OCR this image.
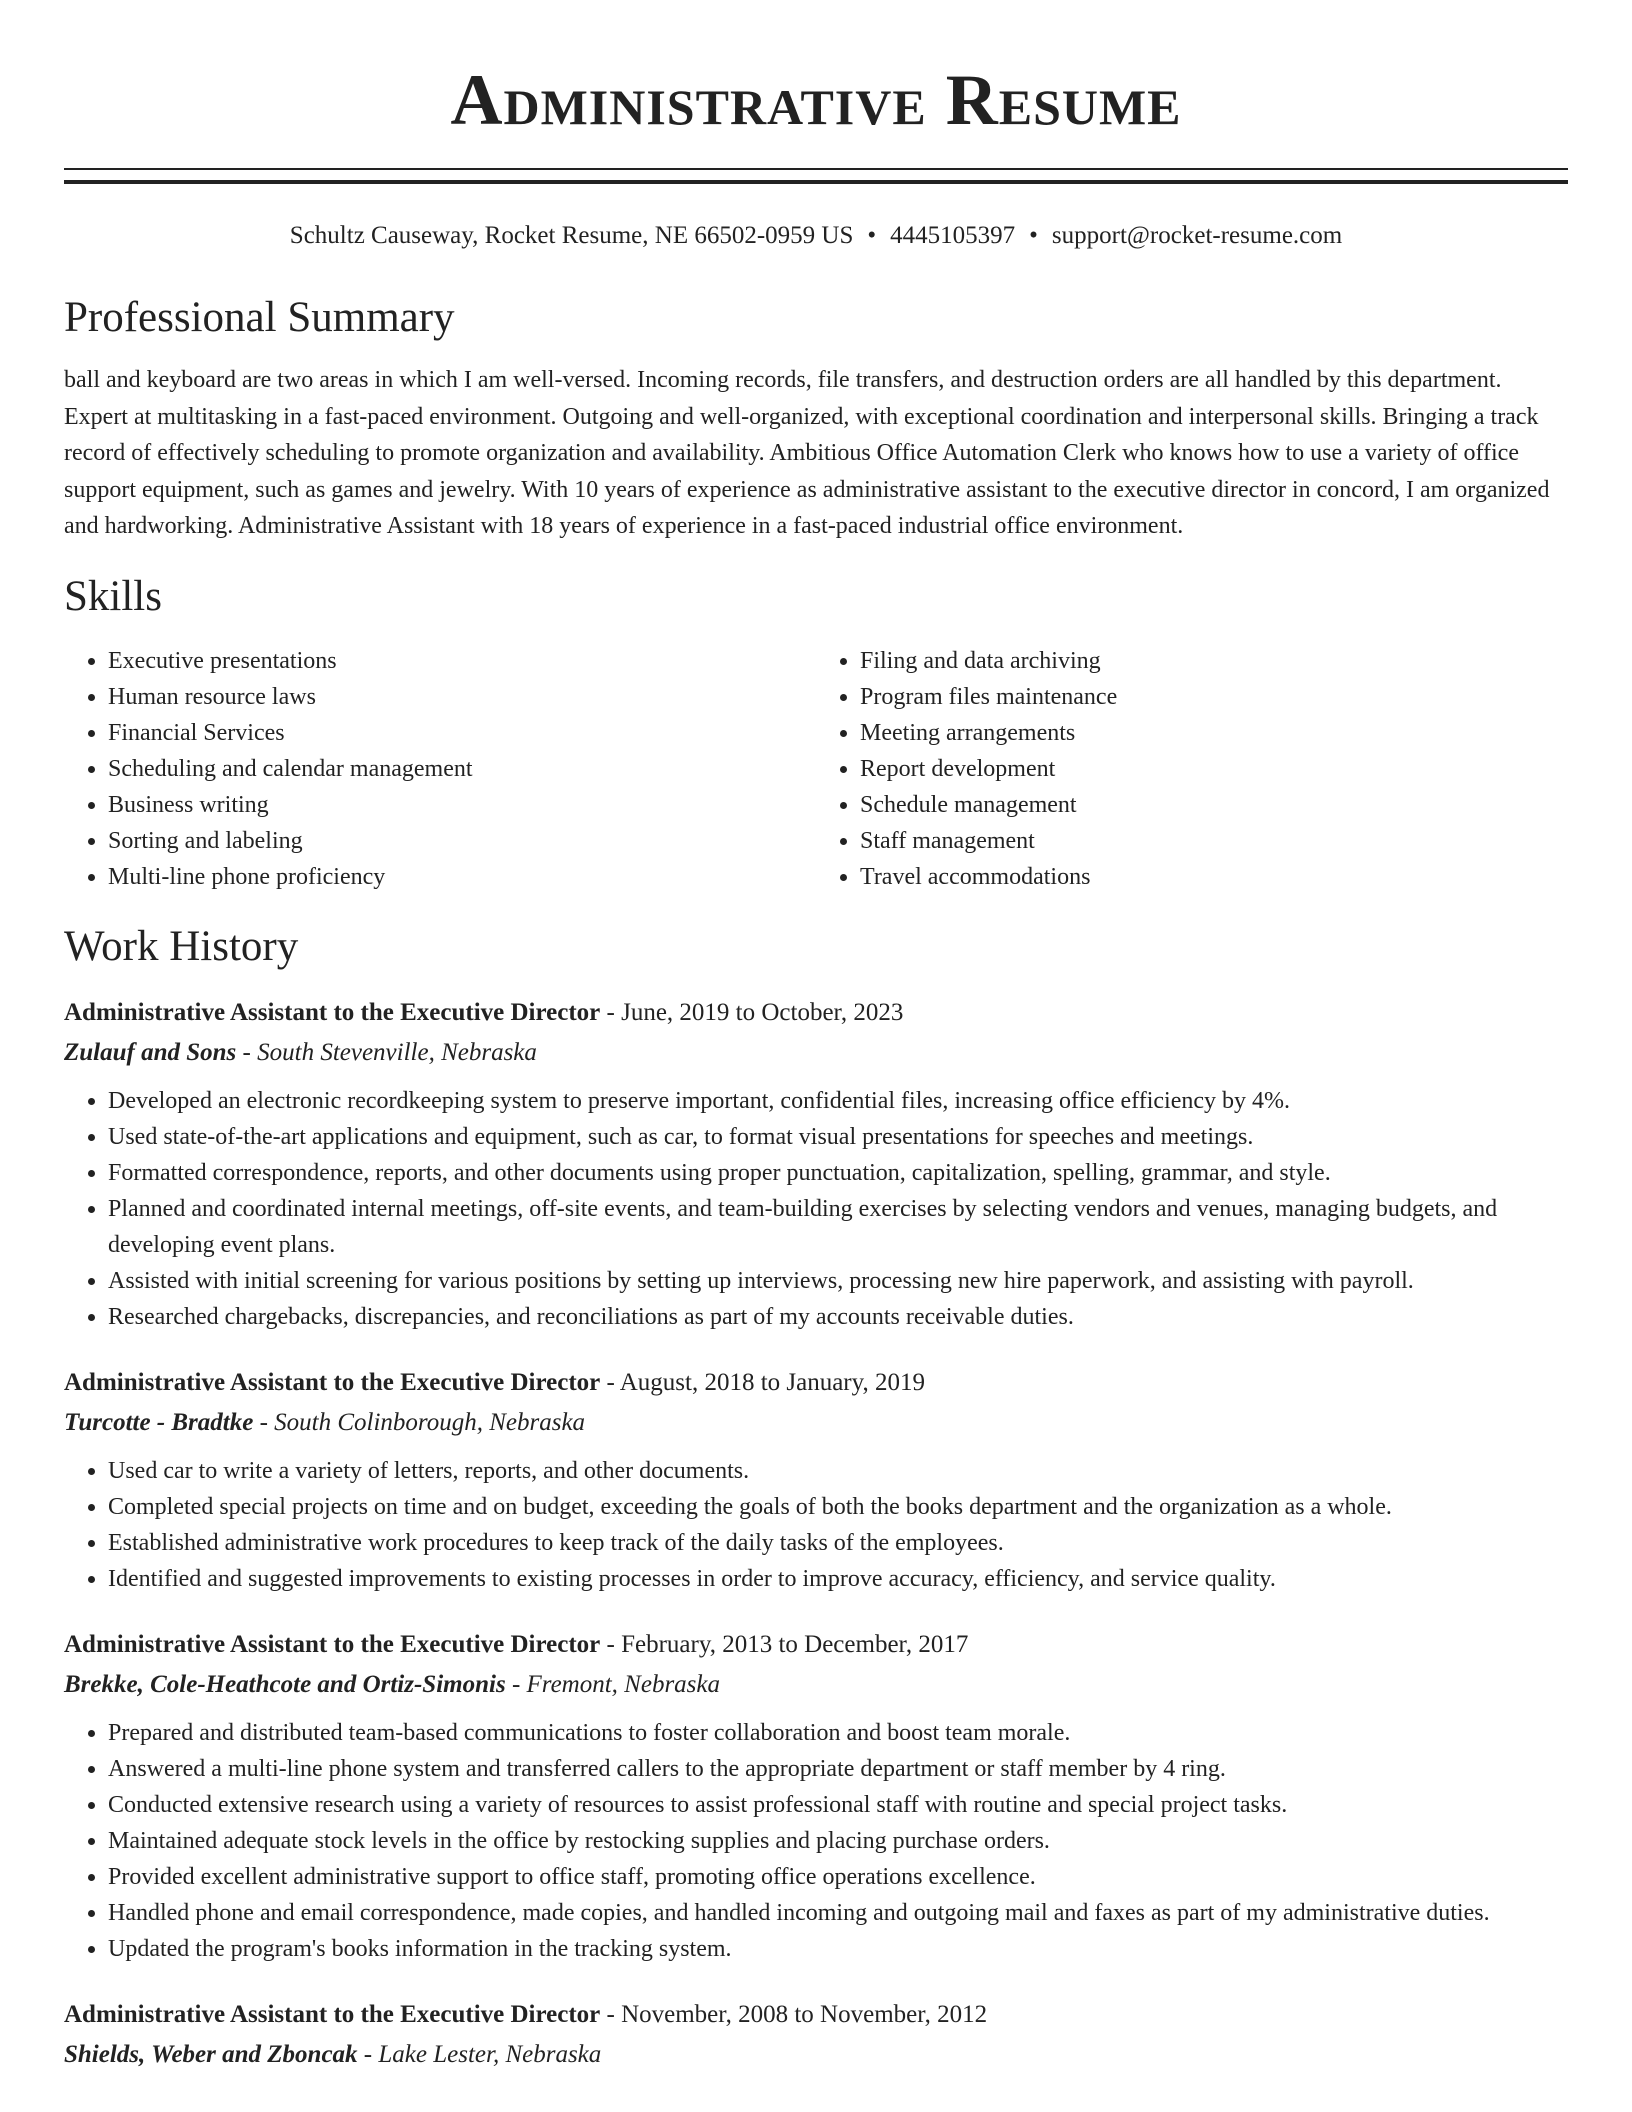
Administrative Resume
Schultz Causeway, Rocket Resume, NE 66502-0959 US • 4445105397 • support@rocket-resume.com
Professional Summary

ball and keyboard are two areas in which I am well-versed. Incoming records, file transfers, and destruction orders are all handled by this department. Expert at multitasking in a fast-paced environment. Outgoing and well-organized, with exceptional coordination and interpersonal skills. Bringing a track record of effectively scheduling to promote organization and availability. Ambitious Office Automation Clerk who knows how to use a variety of office support equipment, such as games and jewelry. With 10 years of experience as administrative assistant to the executive director in concord, I am organized and hardworking. Administrative Assistant with 18 years of experience in a fast-paced industrial office environment.

Skills
• Executive presentations
• Human resource laws
• Financial Services
• Scheduling and calendar management
• Business writing
• Sorting and labeling
• Multi-line phone proficiency
• Filing and data archiving
• Program files maintenance
• Meeting arrangements
• Report development
• Schedule management
• Staff management
• Travel accommodations
Work History
Administrative Assistant to the Executive Director - June, 2019 to October, 2023
Zulauf and Sons - South Stevenville, Nebraska
• Developed an electronic recordkeeping system to preserve important, confidential files, increasing office efficiency by 4%.
• Used state-of-the-art applications and equipment, such as car, to format visual presentations for speeches and meetings.
• Formatted correspondence, reports, and other documents using proper punctuation, capitalization, spelling, grammar, and style.
• Planned and coordinated internal meetings, off-site events, and team-building exercises by selecting vendors and venues, managing budgets, and developing event plans.
• Assisted with initial screening for various positions by setting up interviews, processing new hire paperwork, and assisting with payroll.
• Researched chargebacks, discrepancies, and reconciliations as part of my accounts receivable duties.
Administrative Assistant to the Executive Director - August, 2018 to January, 2019
Turcotte - Bradtke - South Colinborough, Nebraska
• Used car to write a variety of letters, reports, and other documents.
• Completed special projects on time and on budget, exceeding the goals of both the books department and the organization as a whole.
• Established administrative work procedures to keep track of the daily tasks of the employees.
• Identified and suggested improvements to existing processes in order to improve accuracy, efficiency, and service quality.
Administrative Assistant to the Executive Director - February, 2013 to December, 2017
Brekke, Cole-Heathcote and Ortiz-Simonis - Fremont, Nebraska
• Prepared and distributed team-based communications to foster collaboration and boost team morale.
• Answered a multi-line phone system and transferred callers to the appropriate department or staff member by 4 ring.
• Conducted extensive research using a variety of resources to assist professional staff with routine and special project tasks.
• Maintained adequate stock levels in the office by restocking supplies and placing purchase orders.
• Provided excellent administrative support to office staff, promoting office operations excellence.
• Handled phone and email correspondence, made copies, and handled incoming and outgoing mail and faxes as part of my administrative duties.
• Updated the program's books information in the tracking system.
Administrative Assistant to the Executive Director - November, 2008 to November, 2012
Shields, Weber and Zboncak - Lake Lester, Nebraska
